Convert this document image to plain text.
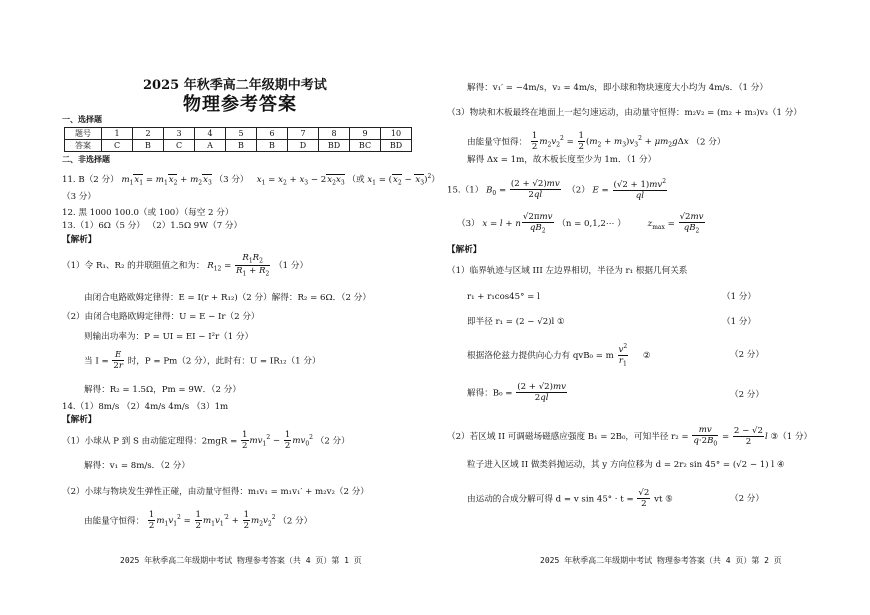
2025 年秋季高二年级期中考试
物理参考答案
一、选择题
题号	1	2	3	4	5	6	7	8	9	10
答案	C	B	C	A	B	B	D	BD	BC	BD
二、非选择题
11. B（2 分） $m_1x_1 = m_1x_2 + m_2x_3$ （3 分） $x_1 = x_2 + x_3 - 2x_2x_3$ （或 $x_1 = (x_2 - x_3)^2$）
（3 分）
12. 黑 1000 100.0（或 100）（每空 2 分）
13.（1）6Ω（5 分） （2）1.5Ω 9W（7 分）
【解析】
（1）令 R₁、R₂ 的并联阻值之和为： $R_{12} = \frac{R_1R_2}{R_1 + R_2} (1$ 分）
由闭合电路欧姆定律得：E = I(r + R₁₂)（2 分）解得：R₂ = 6Ω．（2 分）
（2）由闭合电路欧姆定律得：U = E − Ir（2 分）
则输出功率为：P = UI = EI − I²r（1 分）
当 $I = \frac{E}{2r}$ 时，P = Pm（2 分），此时有：U = IR₁₂（1 分）
解得：R₂ = 1.5Ω，Pm = 9W．（2 分）
14.（1）8m/s （2）4m/s 4m/s （3）1m
【解析】
（1）小球从 P 到 S 由动能定理得：$2mgR = \frac{1}{2} mv_1^2 - \frac{1}{2} mv_0^2$ （2 分）
解得：v₁ = 8m/s．（2 分）
（2）小球与物块发生弹性正碰，由动量守恒得：m₁v₁ = m₁v₁′ + m₂v₂（2 分）
由能量守恒得： $\frac{1}{2} m_1v_1^2 = \frac{1}{2} m_1v_1^{'2} + \frac{1}{2} m_2v_2^2$ （2 分）
2025 年秋季高二年级期中考试 物理参考答案（共 4 页）第 1 页
解得：v₁′ = −4m/s，v₂ = 4m/s，即小球和物块速度大小均为 4m/s．（1 分）
（3）物块和木板最终在地面上一起匀速运动，由动量守恒得：m₂v₂ = (m₂ + m₃)v₃（1 分）
由能量守恒得： $\frac{1}{2} m_2v_2^2 = \frac{1}{2} (m_2 + m_3)v_3^2 + \mu m_2g\Delta x$ （2 分）
解得 Δx = 1m，故木板长度至少为 1m．（1 分）
15.（1） $B_0 = \frac{(2 + √2)mv}{2ql} (2) E = \frac{(√2 + 1)mv^2}{ql}$
（3） x = l + n $\frac{\text{√2πmv}}{qB_2} (n$ = 0,1,2⋯ ）	$z_{max} = \frac{√2mv}{qB_2}$
【解析】
（1）临界轨迹与区域 III 左边界相切，半径为 r₁ 根据几何关系
r₁ + r₁cos45° = l	（1 分）
即半径 r₁ = (2 − √2)l ①	（1 分）
根据洛伦兹力提供向心力有 qvB₀ = m $\frac{v^2}{r_1}$ ②	（2 分）
解得：$B_0 = \frac{(2 + √2)mv}{2ql}$	（2 分）
（2）若区域 II 可调磁场磁感应强度 B₁ = 2B₀，可知半径 $r_2 = \frac{mv}{q\cdot 2B_0} = \frac{2 - √2}{2}$ l ③（1 分）
粒子进入区域 II 做类斜抛运动，其 y 方向位移为 d = 2r₂ sin 45° = (√2 − 1) l ④
由运动的合成分解可得 d = v $\sin 45^\circ \cdot t = \frac{√2}{2}$ vt ⑤	（2 分）
2025 年秋季高二年级期中考试 物理参考答案（共 4 页）第 2 页
